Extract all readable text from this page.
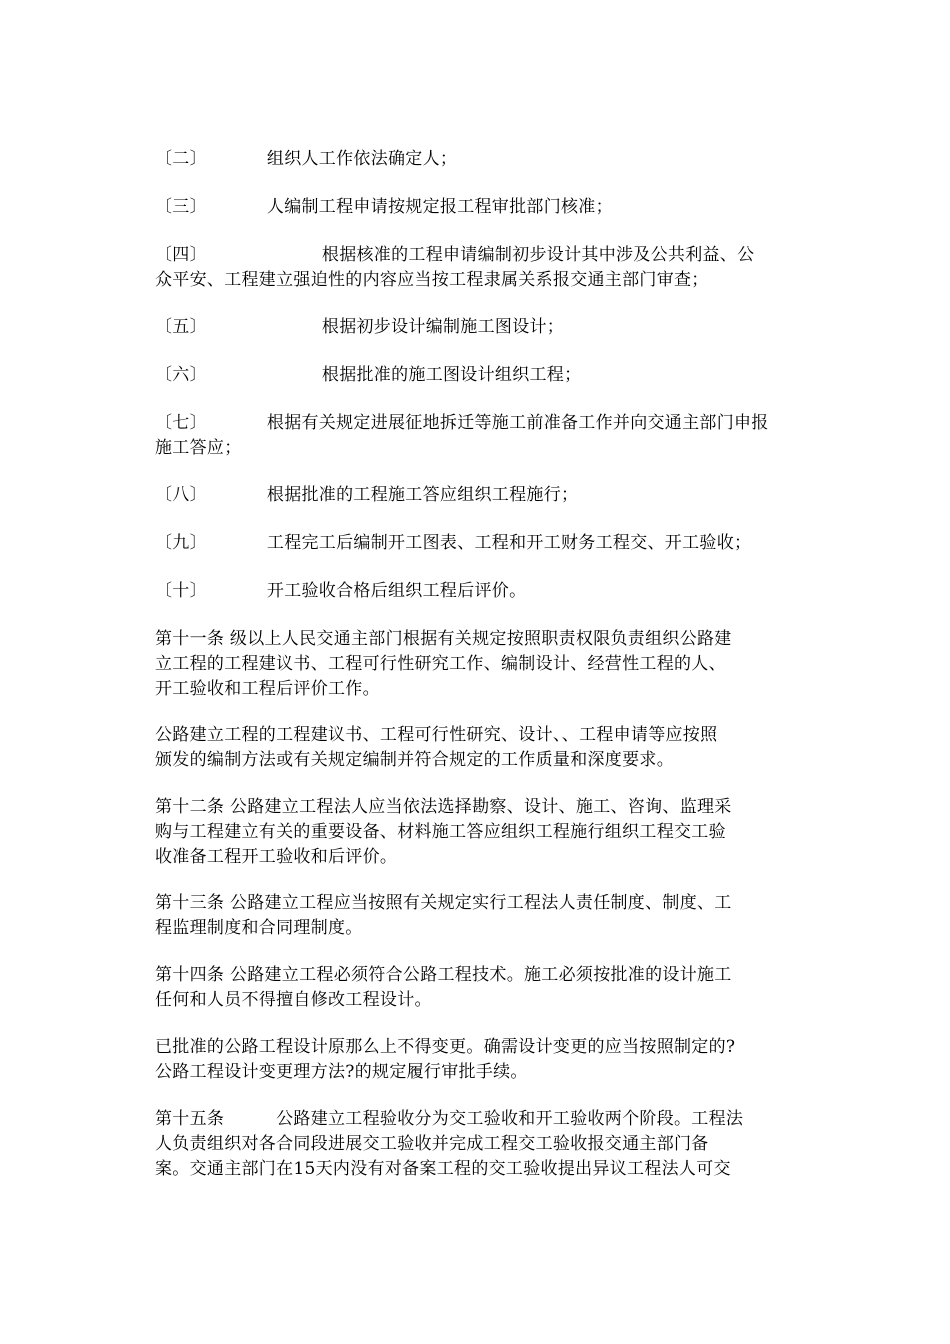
〔二〕	组织人工作依法确定人；
〔三〕	人编制工程申请按规定报工程审批部门核准；
〔四〕	根据核准的工程申请编制初步设计其中涉及公共利益、公
众平安、工程建立强迫性的内容应当按工程隶属关系报交通主部门审查；
〔五〕	根据初步设计编制施工图设计；
〔六〕	根据批准的施工图设计组织工程；
〔七〕	根据有关规定进展征地拆迁等施工前准备工作并向交通主部门申报
施工答应；
〔八〕	根据批准的工程施工答应组织工程施行；
〔九〕	工程完工后编制开工图表、工程和开工财务工程交、开工验收；
〔十〕	开工验收合格后组织工程后评价。
第十一条 级以上人民交通主部门根据有关规定按照职责权限负责组织公路建
立工程的工程建议书、工程可行性研究工作、编制设计、经营性工程的人、
开工验收和工程后评价工作。
公路建立工程的工程建议书、工程可行性研究、设计、、工程申请等应按照
颁发的编制方法或有关规定编制并符合规定的工作质量和深度要求。
第十二条 公路建立工程法人应当依法选择勘察、设计、施工、咨询、监理采
购与工程建立有关的重要设备、材料施工答应组织工程施行组织工程交工验
收准备工程开工验收和后评价。
第十三条 公路建立工程应当按照有关规定实行工程法人责任制度、制度、工
程监理制度和合同理制度。
第十四条 公路建立工程必须符合公路工程技术。施工必须按批准的设计施工
任何和人员不得擅自修改工程设计。
已批准的公路工程设计原那么上不得变更。确需设计变更的应当按照制定的?
公路工程设计变更理方法?的规定履行审批手续。
第十五条　　　公路建立工程验收分为交工验收和开工验收两个阶段。工程法
人负责组织对各合同段进展交工验收并完成工程交工验收报交通主部门备
案。交通主部门在15天内没有对备案工程的交工验收提出异议工程法人可交
